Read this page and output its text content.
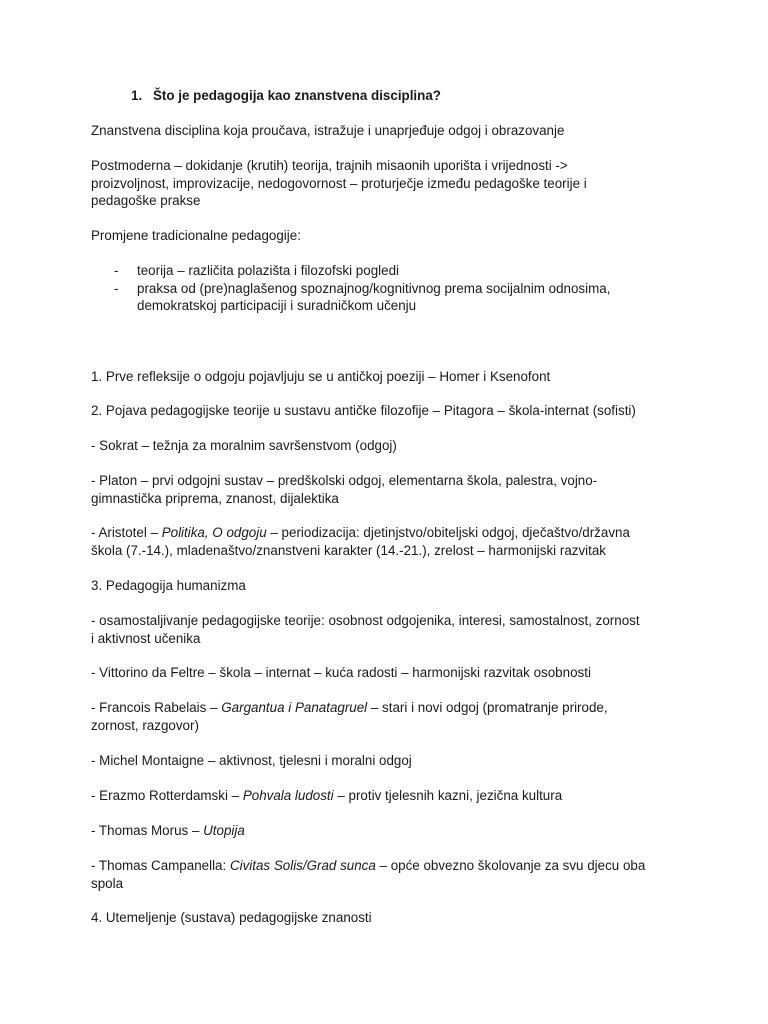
1. Što je pedagogija kao znanstvena disciplina?

Znanstvena disciplina koja proučava, istražuje i unaprjeđuje odgoj i obrazovanje

Postmoderna – dokidanje (krutih) teorija, trajnih misaonih uporišta i vrijednosti ->
proizvoljnost, improvizacije, nedogovornost – proturječje između pedagoške teorije i
pedagoške prakse

Promjene tradicionalne pedagogije:

- teorija – različita polazišta i filozofski pogledi
- praksa od (pre)naglašenog spoznajnog/kognitivnog prema socijalnim odnosima,
demokratskoj participaciji i suradničkom učenju

1. Prve refleksije o odgoju pojavljuju se u antičkoj poeziji – Homer i Ksenofont

2. Pojava pedagogijske teorije u sustavu antičke filozofije – Pitagora – škola-internat (sofisti)

- Sokrat – težnja za moralnim savršenstvom (odgoj)

- Platon – prvi odgojni sustav – predškolski odgoj, elementarna škola, palestra, vojno-
gimnastička priprema, znanost, dijalektika
- Aristotel – Politika, O odgoju – periodizacija: djetinjstvo/obiteljski odgoj, dječaštvo/državna
škola (7.-14.), mladenaštvo/znanstveni karakter (14.-21.), zrelost – harmonijski razvitak

3. Pedagogija humanizma

- osamostaljivanje pedagogijske teorije: osobnost odgojenika, interesi, samostalnost, zornost
i aktivnost učenika

- Vittorino da Feltre – škola – internat – kuća radosti – harmonijski razvitak osobnosti

- Francois Rabelais – Gargantua i Panatagruel – stari i novi odgoj (promatranje prirode,
zornost, razgovor)

- Michel Montaigne – aktivnost, tjelesni i moralni odgoj

- Erazmo Rotterdamski – Pohvala ludosti – protiv tjelesnih kazni, jezična kultura

- Thomas Morus – Utopija

- Thomas Campanella: Civitas Solis/Grad sunca – opće obvezno školovanje za svu djecu oba
spola

4. Utemeljenje (sustava) pedagogijske znanosti
